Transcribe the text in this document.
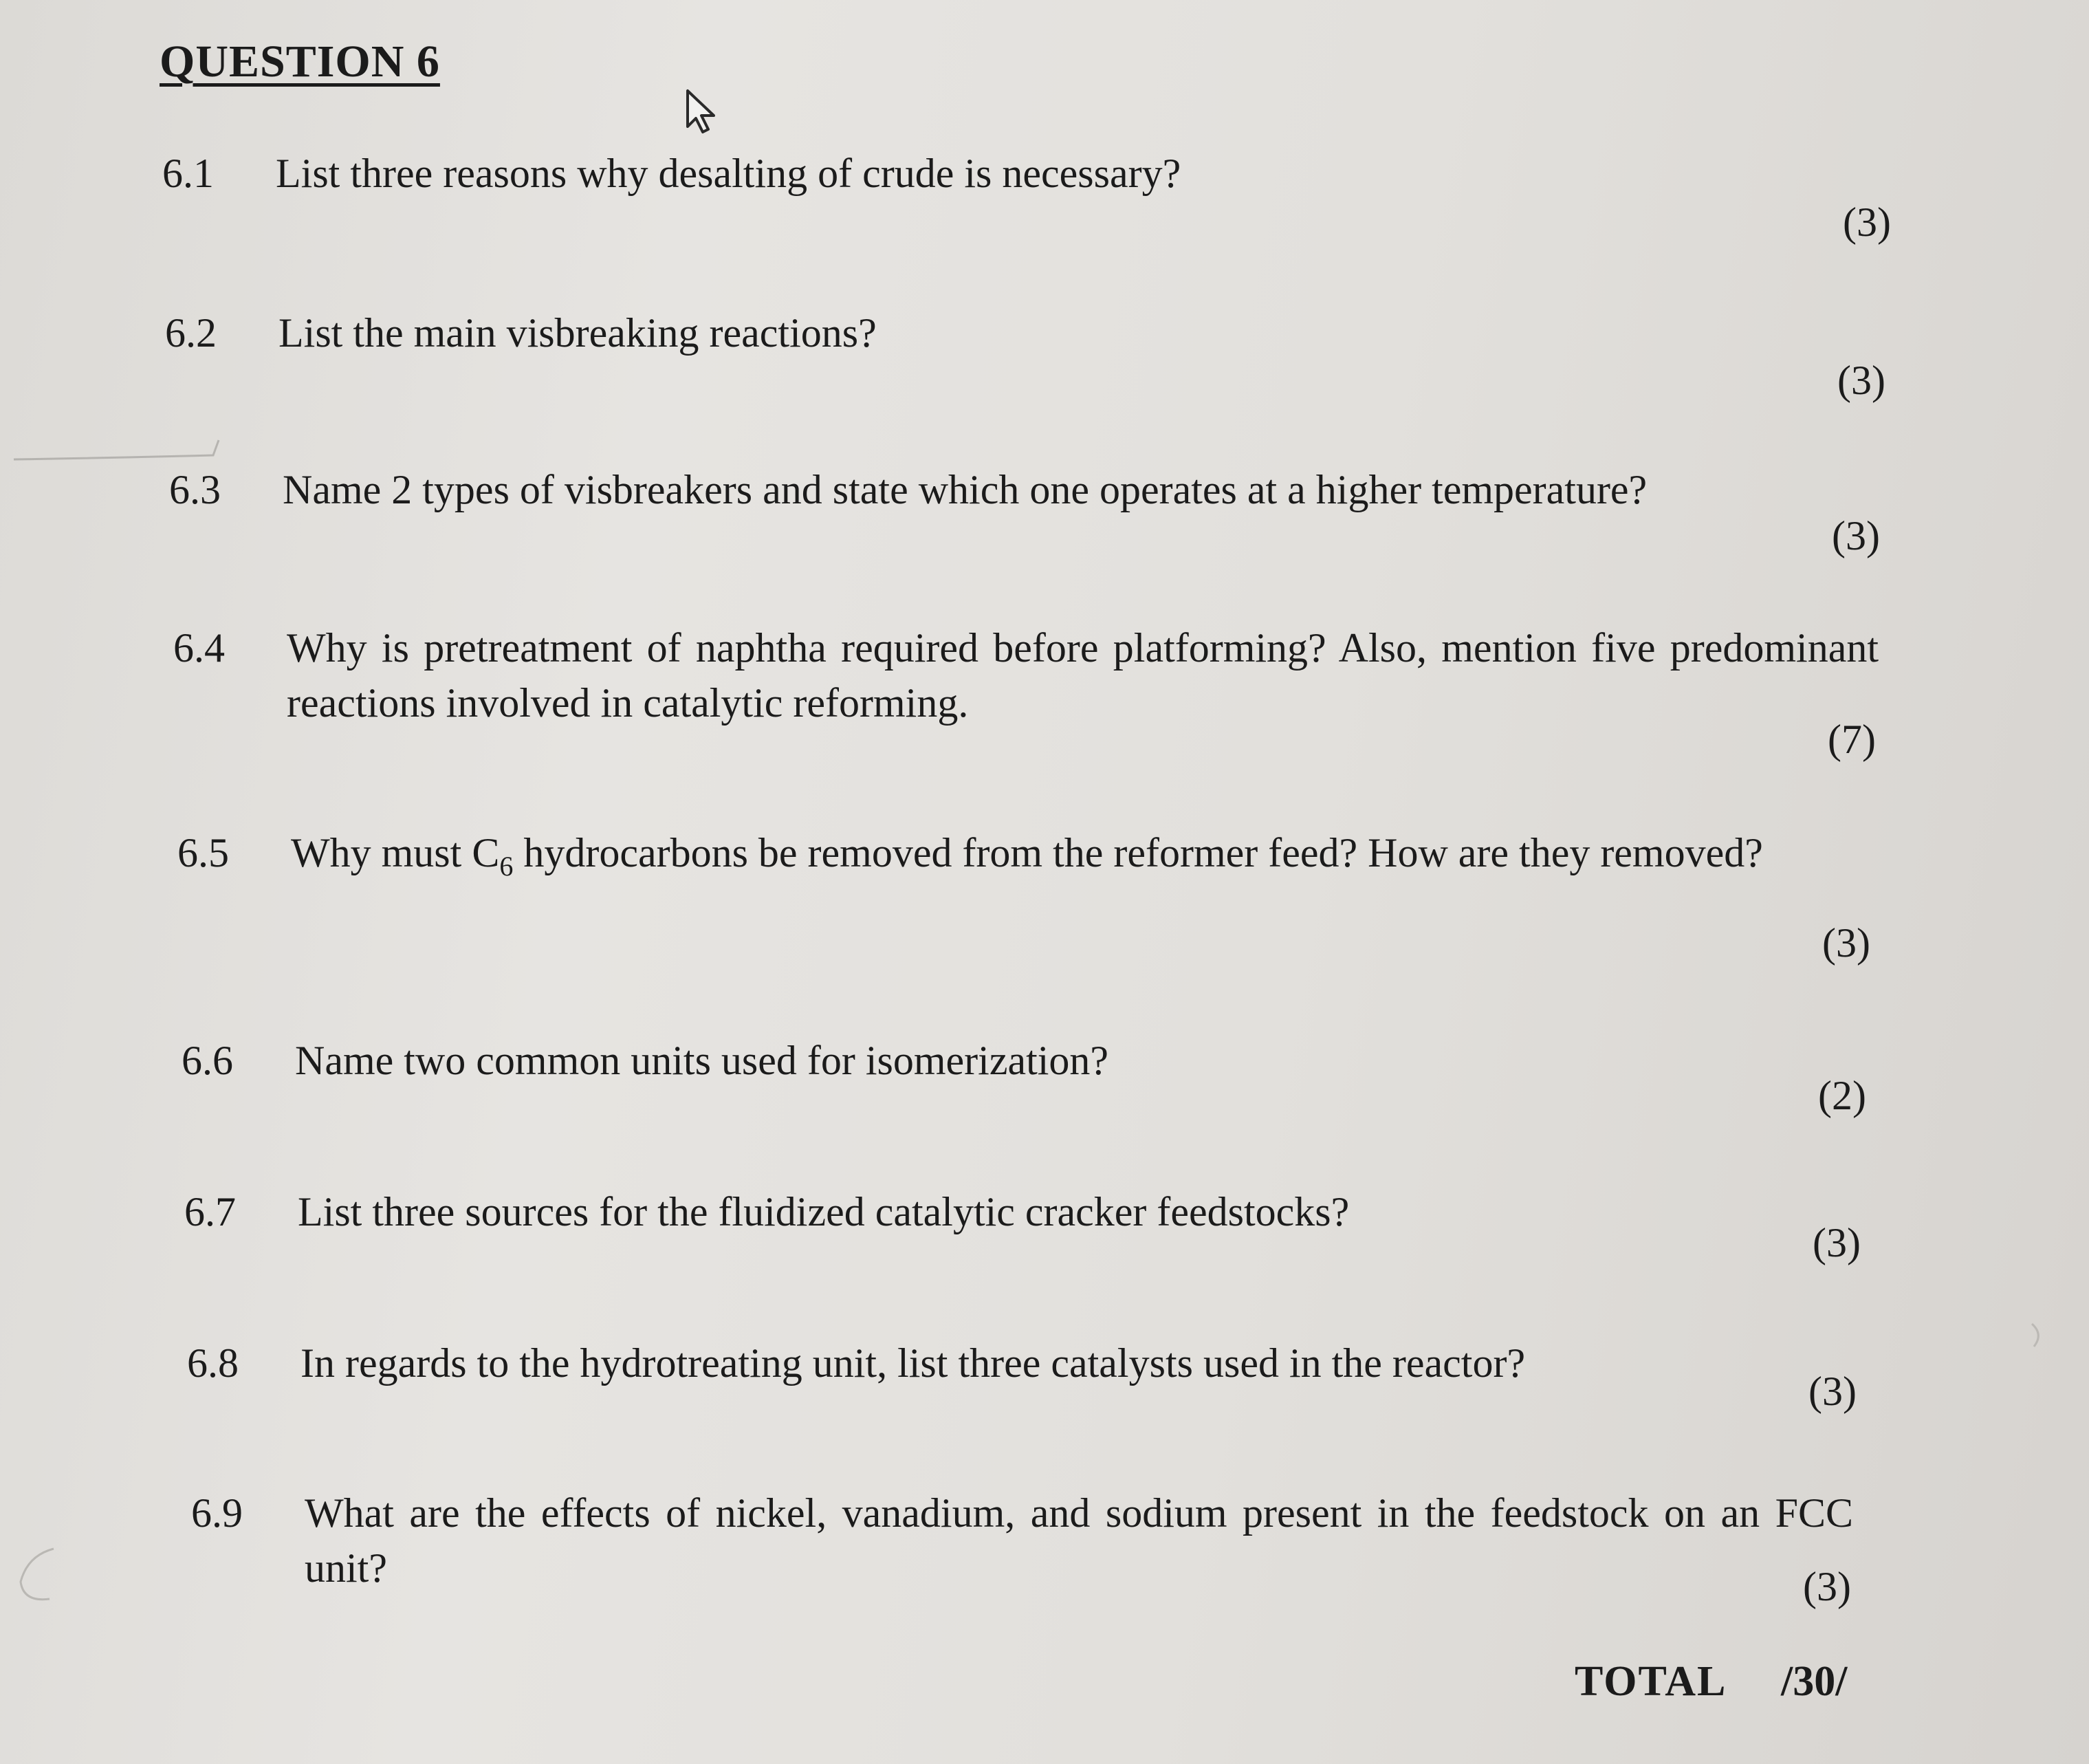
QUESTION 6
6.1	List three reasons why desalting of crude is necessary?
(3)
6.2	List the main visbreaking reactions?
(3)
6.3	Name 2 types of visbreakers and state which one operates at a higher temperature?
(3)
6.4	Why is pretreatment of naphtha required before platforming? Also, mention five predominant reactions involved in catalytic reforming.
(7)
6.5	Why must $C_6$ hydrocarbons be removed from the reformer feed? How are they removed?
(3)
6.6	Name two common units used for isomerization?
(2)
6.7	List three sources for the fluidized catalytic cracker feedstocks?
(3)
6.8	In regards to the hydrotreating unit, list three catalysts used in the reactor?
(3)
6.9	What are the effects of nickel, vanadium, and sodium present in the feedstock on an FCC unit?	(3)
TOTAL /30/
